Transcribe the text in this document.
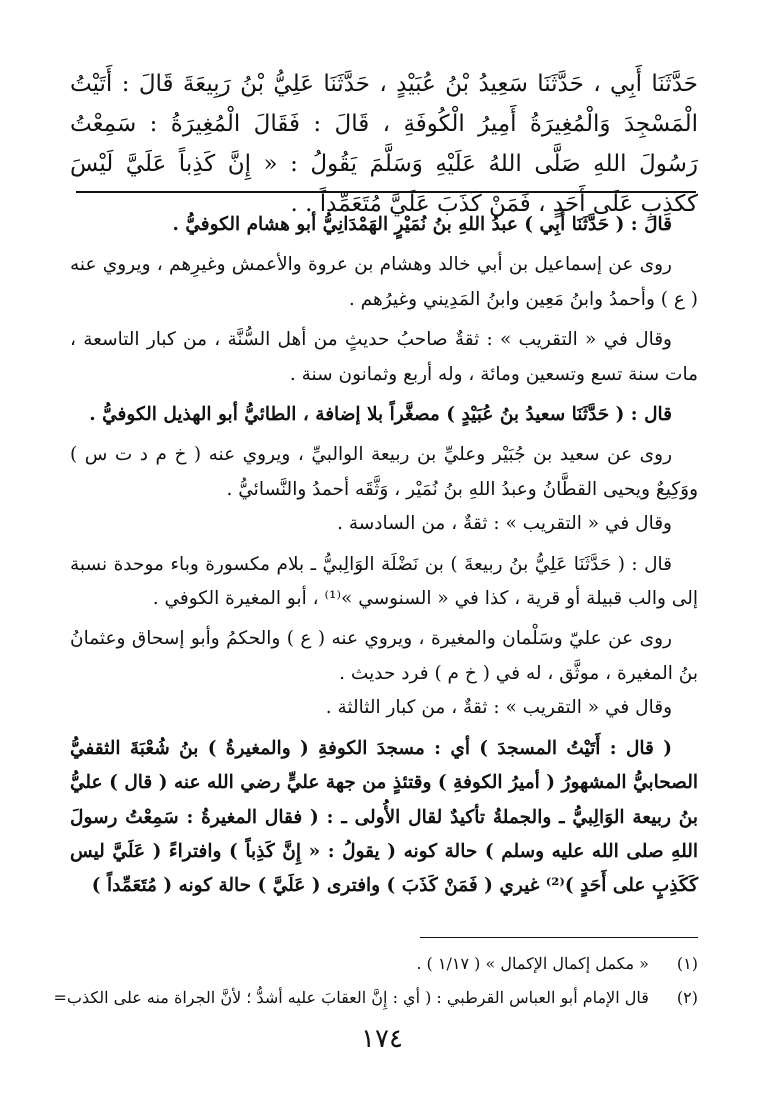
حَدَّثَنَا أَبِي ، حَدَّثَنَا سَعِيدُ بْنُ عُبَيْدٍ ، حَدَّثَنَا عَلِيُّ بْنُ رَبِيعَةَ قَالَ : أَتَيْتُ الْمَسْجِدَ وَالْمُغِيرَةُ أَمِيرُ الْكُوفَةِ ، قَالَ : فَقَالَ الْمُغِيرَةُ : سَمِعْتُ رَسُولَ اللهِ صَلَّى اللهُ عَلَيْهِ وَسَلَّمَ يَقُولُ : « إِنَّ كَذِباً عَلَيَّ لَيْسَ كَكَذِبٍ عَلَى أَحَدٍ ، فَمَنْ كَذَبَ عَلَيَّ مُتَعَمِّداً . .

قال : ( حَدَّثَنَا أَبِي ) عبدُ اللهِ بنُ نُمَيْرٍ الهَمْدَانِيُّ أبو هشام الكوفيُّ .

روى عن إسماعيل بن أبي خالد وهشام بن عروة والأعمش وغيرِهم ، ويروي عنه ( ع ) وأحمدُ وابنُ مَعِين وابنُ المَدِيني وغيرُهم .

وقال في « التقريب » : ثقةٌ صاحبُ حديثٍ من أهل السُّنَّة ، من كبار التاسعة ، مات سنة تسع وتسعين ومائة ، وله أربع وثمانون سنة .

قال : ( حَدَّثَنَا سعيدُ بنُ عُبَيْدٍ ) مصغَّراً بلا إضافة ، الطائيُّ أبو الهذيل الكوفيُّ .

روى عن سعيد بن جُبَيْر وعليِّ بن ربيعة الوالبيِّ ، ويروي عنه ( خ م د ت س ) ووَكِيعٌ ويحيى القطَّانُ وعبدُ اللهِ بنُ نُمَيْر ، وَثَّقَه أحمدُ والنَّسائيُّ .

وقال في « التقريب » : ثقةٌ ، من السادسة .

قال : ( حَدَّثَنَا عَلِيُّ بنُ ربيعةَ ) بن نَضْلَة الوَالِبيُّ ـ بلام مكسورة وباء موحدة نسبة إلى والب قبيلة أو قرية ، كذا في « السنوسي »⁽¹⁾ ، أبو المغيرة الكوفي .

روى عن عليّ وسَلْمان والمغيرة ، ويروي عنه ( ع ) والحكمُ وأبو إسحاق وعثمانُ بنُ المغيرة ، موثَّق ، له في ( خ م ) فرد حديث .

وقال في « التقريب » : ثقةٌ ، من كبار الثالثة .

( قال : أَتَيْتُ المسجدَ ) أي : مسجدَ الكوفةِ ( والمغيرةُ ) بنُ شُعْبَةَ الثقفيُّ الصحابيُّ المشهورُ ( أميرُ الكوفةِ ) وقتئذٍ من جهة عليٍّ رضي الله عنه ( قال ) عليُّ بنُ ربيعة الوَالِبيُّ ـ والجملةُ تأكيدٌ لقال الأُولى ـ : ( فقال المغيرةُ : سَمِعْتُ رسولَ اللهِ صلى الله عليه وسلم ) حالة كونه ( يقولُ : « إِنَّ كَذِباً ) وافتراءً ( عَلَيَّ ليس كَكَذِبٍ على أَحَدٍ )⁽²⁾ غيري ( فَمَنْ كَذَبَ ) وافترى ( عَلَيَّ ) حالة كونه ( مُتَعَمِّداً )

(١) « مكمل إكمال الإكمال » ( ١/١٧ ) .

(٢) قال الإمام أبو العباس القرطبي : ( أي : إِنَّ العقابَ عليه أشدُّ ؛ لأنَّ الجراة منه على الكذب=

١٧٤
